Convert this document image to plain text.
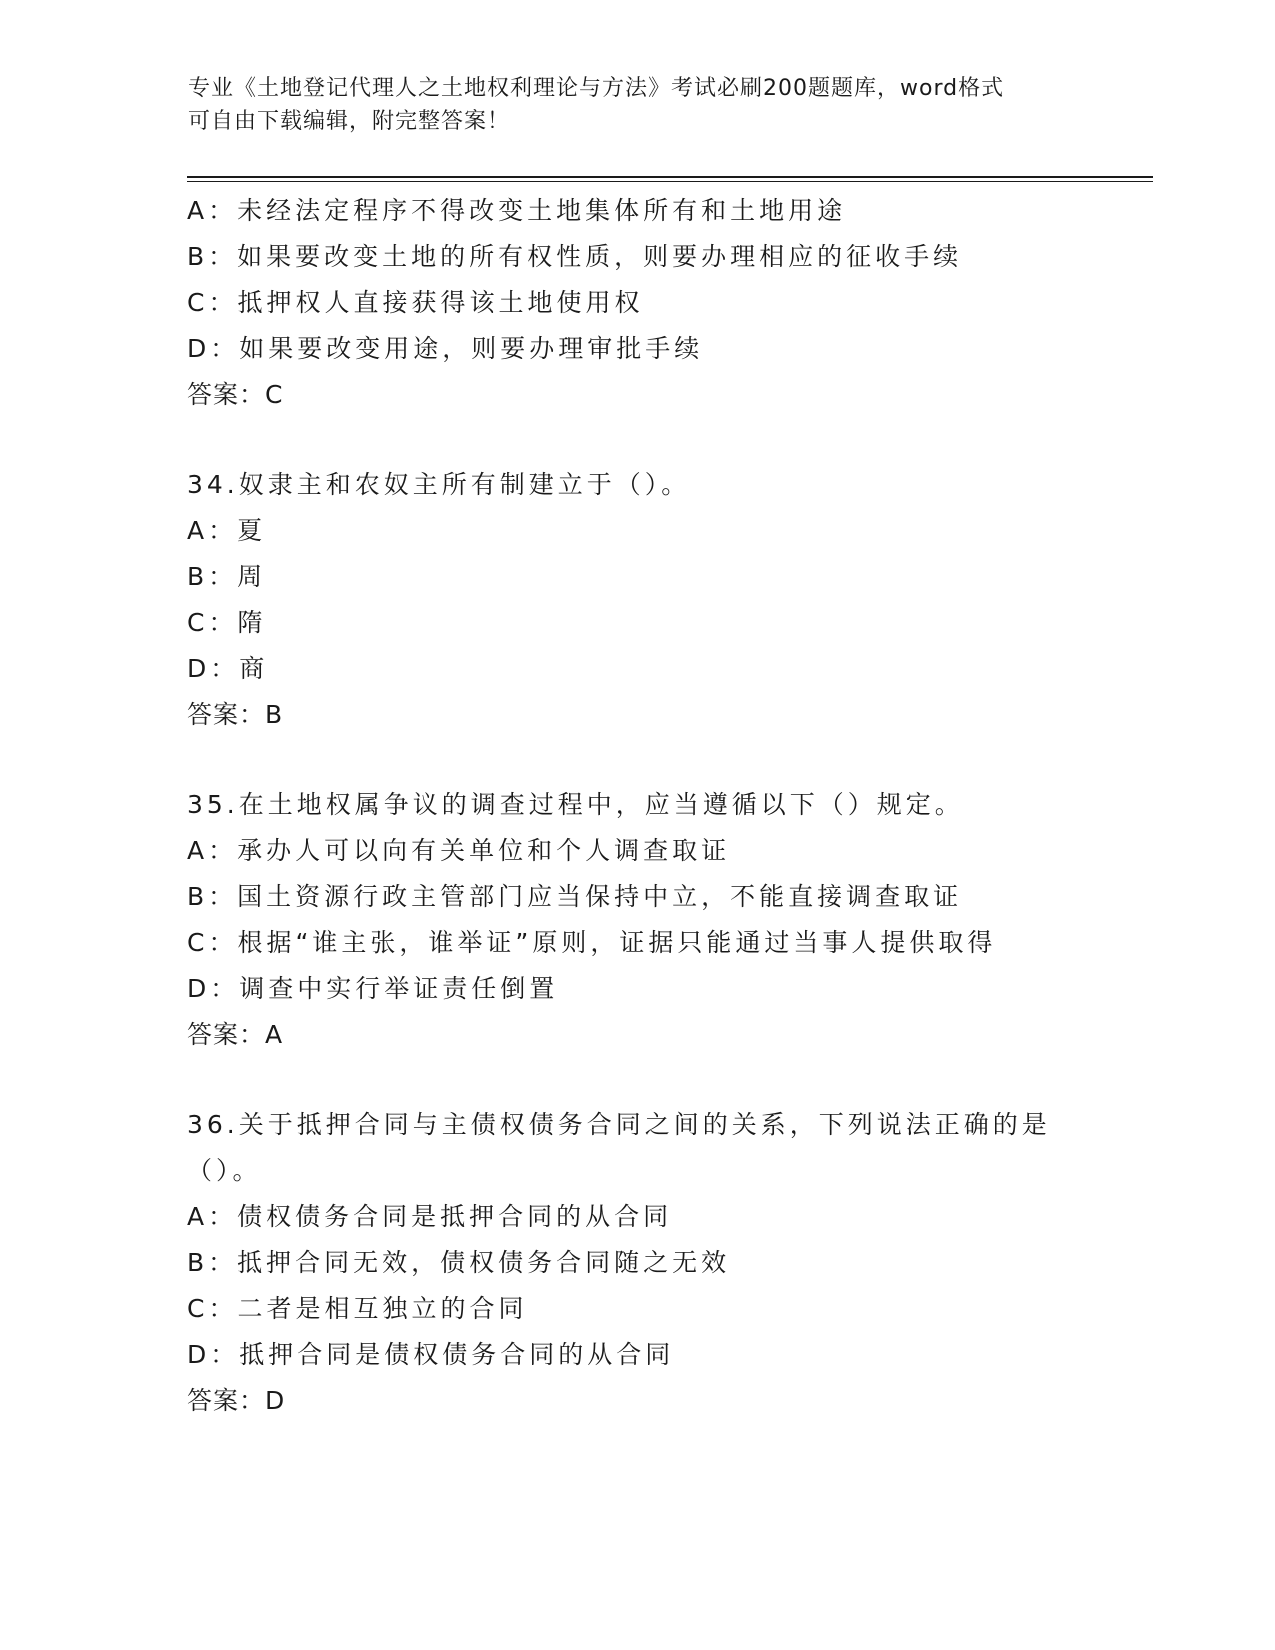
专业《土地登记代理人之土地权利理论与方法》考试必刷200题题库，word格式
可自由下载编辑，附完整答案！
A：未经法定程序不得改变土地集体所有和土地用途
B：如果要改变土地的所有权性质，则要办理相应的征收手续
C：抵押权人直接获得该土地使用权
D：如果要改变用途，则要办理审批手续
答案：C
34.奴隶主和农奴主所有制建立于（）。
A：夏
B：周
C：隋
D：商
答案：B
35.在土地权属争议的调查过程中，应当遵循以下（）规定。
A：承办人可以向有关单位和个人调查取证
B：国土资源行政主管部门应当保持中立，不能直接调查取证
C：根据“谁主张，谁举证”原则，证据只能通过当事人提供取得
D：调查中实行举证责任倒置
答案：A
36.关于抵押合同与主债权债务合同之间的关系，下列说法正确的是（）。
A：债权债务合同是抵押合同的从合同
B：抵押合同无效，债权债务合同随之无效
C：二者是相互独立的合同
D：抵押合同是债权债务合同的从合同
答案：D
